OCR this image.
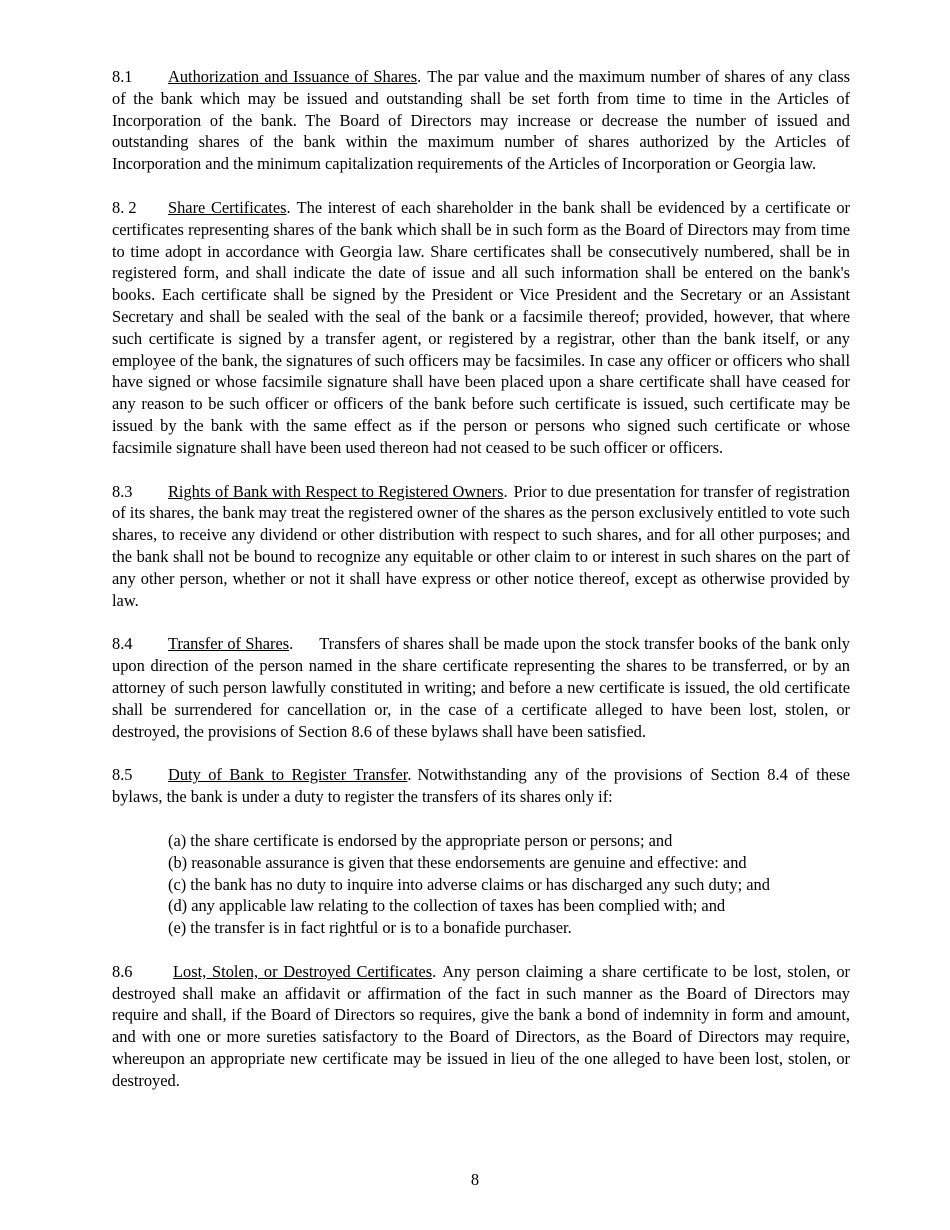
8.1 Authorization and Issuance of Shares. The par value and the maximum number of shares of any class of the bank which may be issued and outstanding shall be set forth from time to time in the Articles of Incorporation of the bank. The Board of Directors may increase or decrease the number of issued and outstanding shares of the bank within the maximum number of shares authorized by the Articles of Incorporation and the minimum capitalization requirements of the Articles of Incorporation or Georgia law.

8. 2 Share Certificates. The interest of each shareholder in the bank shall be evidenced by a certificate or certificates representing shares of the bank which shall be in such form as the Board of Directors may from time to time adopt in accordance with Georgia law. Share certificates shall be consecutively numbered, shall be in registered form, and shall indicate the date of issue and all such information shall be entered on the bank's books. Each certificate shall be signed by the President or Vice President and the Secretary or an Assistant Secretary and shall be sealed with the seal of the bank or a facsimile thereof; provided, however, that where such certificate is signed by a transfer agent, or registered by a registrar, other than the bank itself, or any employee of the bank, the signatures of such officers may be facsimiles. In case any officer or officers who shall have signed or whose facsimile signature shall have been placed upon a share certificate shall have ceased for any reason to be such officer or officers of the bank before such certificate is issued, such certificate may be issued by the bank with the same effect as if the person or persons who signed such certificate or whose facsimile signature shall have been used thereon had not ceased to be such officer or officers.

8.3 Rights of Bank with Respect to Registered Owners. Prior to due presentation for transfer of registration of its shares, the bank may treat the registered owner of the shares as the person exclusively entitled to vote such shares, to receive any dividend or other distribution with respect to such shares, and for all other purposes; and the bank shall not be bound to recognize any equitable or other claim to or interest in such shares on the part of any other person, whether or not it shall have express or other notice thereof, except as otherwise provided by law.

8.4 Transfer of Shares. Transfers of shares shall be made upon the stock transfer books of the bank only upon direction of the person named in the share certificate representing the shares to be transferred, or by an attorney of such person lawfully constituted in writing; and before a new certificate is issued, the old certificate shall be surrendered for cancellation or, in the case of a certificate alleged to have been lost, stolen, or destroyed, the provisions of Section 8.6 of these bylaws shall have been satisfied.

8.5 Duty of Bank to Register Transfer. Notwithstanding any of the provisions of Section 8.4 of these bylaws, the bank is under a duty to register the transfers of its shares only if:

(a) the share certificate is endorsed by the appropriate person or persons; and
(b) reasonable assurance is given that these endorsements are genuine and effective: and
(c) the bank has no duty to inquire into adverse claims or has discharged any such duty; and
(d) any applicable law relating to the collection of taxes has been complied with; and
(e) the transfer is in fact rightful or is to a bonafide purchaser.

8.6 Lost, Stolen, or Destroyed Certificates. Any person claiming a share certificate to be lost, stolen, or destroyed shall make an affidavit or affirmation of the fact in such manner as the Board of Directors may require and shall, if the Board of Directors so requires, give the bank a bond of indemnity in form and amount, and with one or more sureties satisfactory to the Board of Directors, as the Board of Directors may require, whereupon an appropriate new certificate may be issued in lieu of the one alleged to have been lost, stolen, or destroyed.

8
